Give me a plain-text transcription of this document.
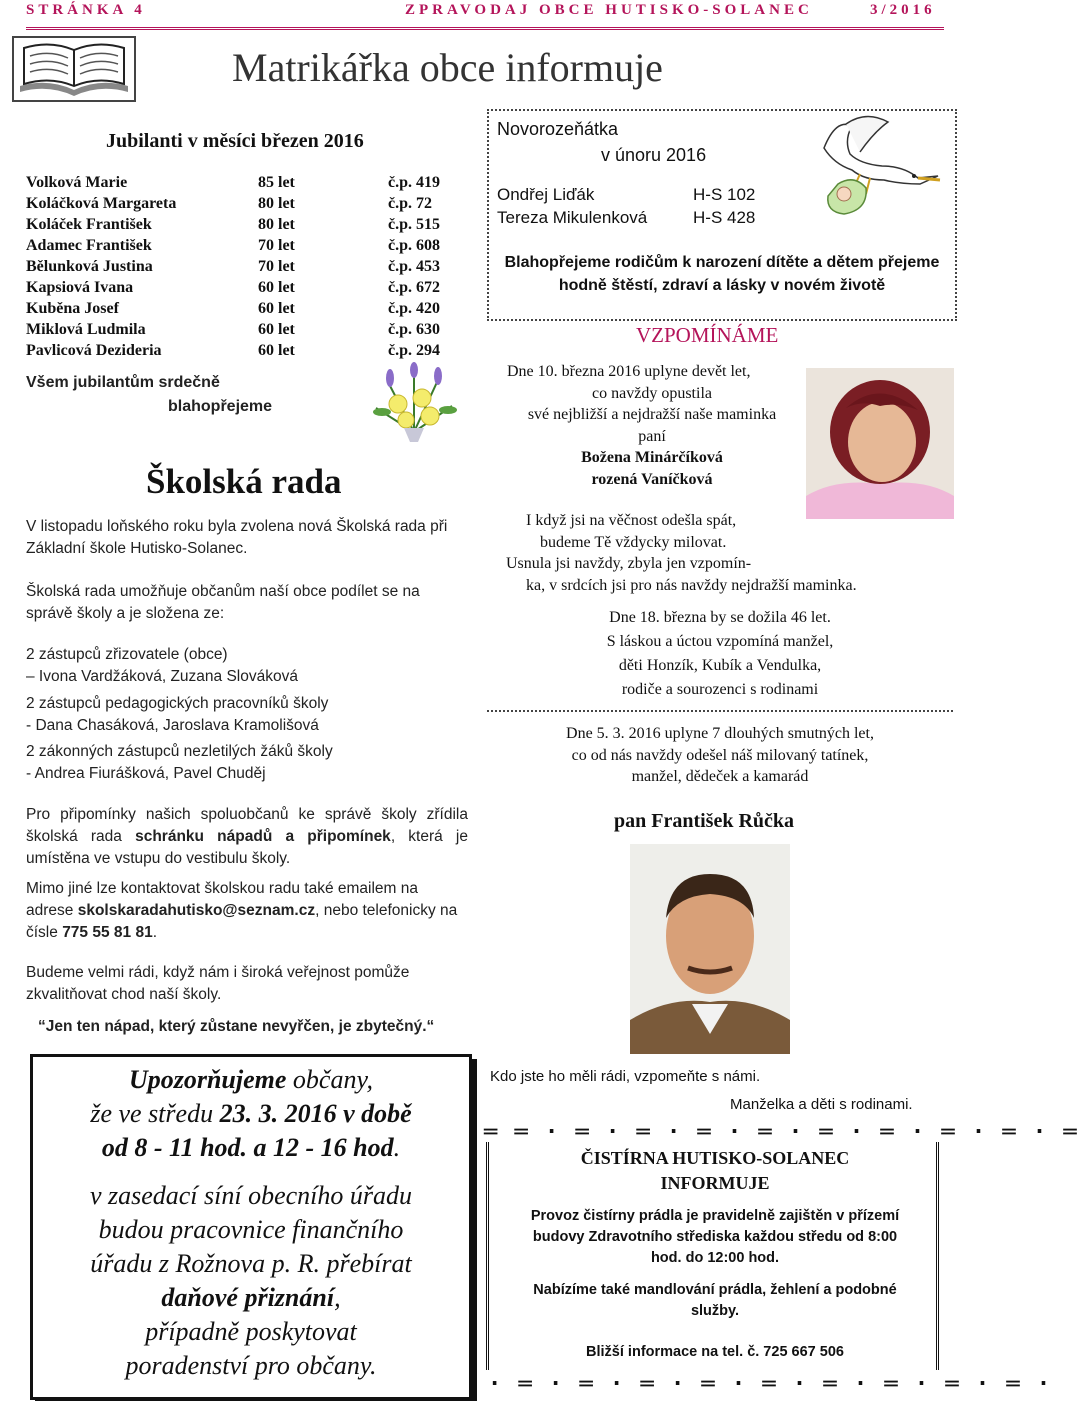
STRÁNKA 4	ZPRAVODAJ OBCE HUTISKO-SOLANEC	3/2016
Matrikářka obce informuje
Jubilanti v měsíci březen 2016
Volková Marie	85 let	č.p. 419
Koláčková Margareta	80 let	č.p. 72
Koláček František	80 let	č.p. 515
Adamec František	70 let	č.p. 608
Bělunková Justina	70 let	č.p. 453
Kapsiová Ivana	60 let	č.p. 672
Kuběna Josef	60 let	č.p. 420
Miklová Ludmila	60 let	č.p. 630
Pavlicová Dezideria	60 let	č.p. 294
Všem jubilantům srdečně
blahopřejeme
Školská rada
V listopadu loňského roku byla zvolena nová Školská rada při Základní škole Hutisko-Solanec.
Školská rada umožňuje občanům naší obce podílet se na správě školy a je složena ze:
2 zástupců zřizovatele (obce)
– Ivona Vardžáková, Zuzana Slováková
2 zástupců pedagogických pracovníků školy
- Dana Chasáková, Jaroslava Kramolišová
2 zákonných zástupců nezletilých žáků školy
- Andrea Fiurášková, Pavel Chuděj
Pro připomínky našich spoluobčanů ke správě školy zřídila školská rada schránku nápadů a připomínek, která je umístěna ve vstupu do vestibulu školy.
Mimo jiné lze kontaktovat školskou radu také emailem na adrese skolskaradahutisko@seznam.cz, nebo telefonicky na čísle 775 55 81 81.
Budeme velmi rádi, když nám i široká veřejnost pomůže zkvalitňovat chod naší školy.
“Jen ten nápad, který zůstane nevyřčen, je zbytečný.“
Upozorňujeme občany,
že ve středu 23. 3. 2016 v době
od 8 - 11 hod. a 12 - 16 hod.
v zasedací síní obecního úřadu
budou pracovnice finančního
úřadu z Rožnova p. R. přebírat
daňové přiznání,
případně poskytovat
poradenství pro občany.
Novorozeňátka
v únoru 2016
Ondřej Liďák	H-S 102
Tereza Mikulenková	H-S 428
Blahopřejeme rodičům k narození dítěte a dětem přejeme hodně štěstí, zdraví a lásky v novém životě
VZPOMÍNÁME
Dne 10. března 2016 uplyne devět let,
co navždy opustila
své nejbližší a nejdražší naše maminka
paní
Božena Minárčíková
rozená Vaníčková
I když jsi na věčnost odešla spát,
budeme Tě vždycky milovat.
Usnula jsi navždy, zbyla jen vzpomín-
ka, v srdcích jsi pro nás navždy nejdražší maminka.
Dne 18. března by se dožila 46 let.
S láskou a úctou vzpomíná manžel,
děti Honzík, Kubík a Vendulka,
rodiče a sourozenci s rodinami
Dne 5. 3. 2016 uplyne 7 dlouhých smutných let,
co od nás navždy odešel náš milovaný tatínek,
manžel, dědeček a kamarád
pan František Růčka
Kdo jste ho měli rádi, vzpomeňte s námi.
Manželka a děti s rodinami.
═ ═ · ═ · ═ · ═ · ═ · ═ · ═ · ═ · ═ · ═
· ═ · ═ · ═ · ═ · ═ · ═ · ═ · ═ · ═ ·
ČISTÍRNA HUTISKO-SOLANEC
INFORMUJE
Provoz čistírny prádla je pravidelně zajištěn v přízemí budovy Zdravotního střediska každou středu od 8:00 hod. do 12:00 hod.
Nabízíme také mandlování prádla, žehlení a podobné služby.
Bližší informace na tel. č. 725 667 506
